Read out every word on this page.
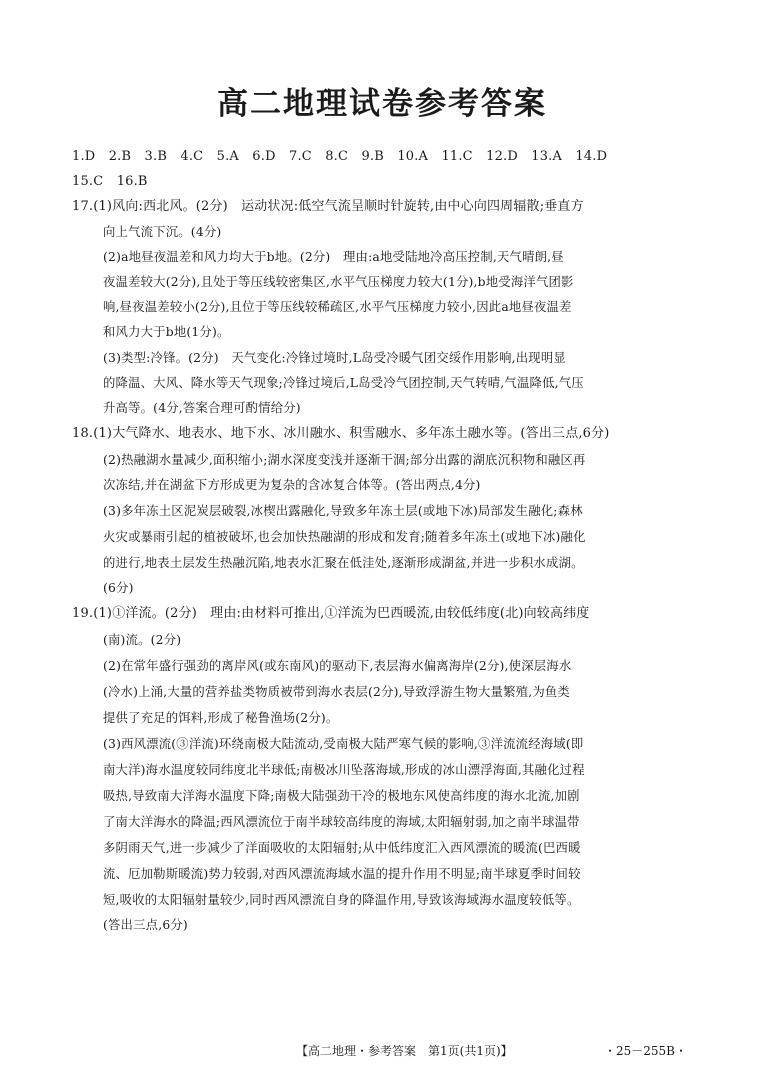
高二地理试卷参考答案
1.D 2.B 3.B 4.C 5.A 6.D 7.C 8.C 9.B 10.A 11.C 12.D 13.A 14.D
15.C 16.B
17.(1)风向:西北风。(2分)　运动状况:低空气流呈顺时针旋转,由中心向四周辐散;垂直方
向上气流下沉。(4分)
(2)a地昼夜温差和风力均大于b地。(2分)　理由:a地受陆地冷高压控制,天气晴朗,昼
夜温差较大(2分),且处于等压线较密集区,水平气压梯度力较大(1分),b地受海洋气团影
响,昼夜温差较小(2分),且位于等压线较稀疏区,水平气压梯度力较小,因此a地昼夜温差
和风力大于b地(1分)。
(3)类型:冷锋。(2分)　天气变化:冷锋过境时,L岛受冷暖气团交绥作用影响,出现明显
的降温、大风、降水等天气现象;冷锋过境后,L岛受冷气团控制,天气转晴,气温降低,气压
升高等。(4分,答案合理可酌情给分)
18.(1)大气降水、地表水、地下水、冰川融水、积雪融水、多年冻土融水等。(答出三点,6分)
(2)热融湖水量减少,面积缩小;湖水深度变浅并逐渐干涸;部分出露的湖底沉积物和融区再
次冻结,并在湖盆下方形成更为复杂的含冰复合体等。(答出两点,4分)
(3)多年冻土区泥炭层破裂,冰楔出露融化,导致多年冻土层(或地下冰)局部发生融化;森林
火灾或暴雨引起的植被破坏,也会加快热融湖的形成和发育;随着多年冻土(或地下冰)融化
的进行,地表土层发生热融沉陷,地表水汇聚在低洼处,逐渐形成湖盆,并进一步积水成湖。
(6分)
19.(1)①洋流。(2分)　理由:由材料可推出,①洋流为巴西暖流,由较低纬度(北)向较高纬度
(南)流。(2分)
(2)在常年盛行强劲的离岸风(或东南风)的驱动下,表层海水偏离海岸(2分),使深层海水
(冷水)上涌,大量的营养盐类物质被带到海水表层(2分),导致浮游生物大量繁殖,为鱼类
提供了充足的饵料,形成了秘鲁渔场(2分)。
(3)西风漂流(③洋流)环绕南极大陆流动,受南极大陆严寒气候的影响,③洋流流经海域(即
南大洋)海水温度较同纬度北半球低;南极冰川坠落海域,形成的冰山漂浮海面,其融化过程
吸热,导致南大洋海水温度下降;南极大陆强劲干冷的极地东风使高纬度的海水北流,加剧
了南大洋海水的降温;西风漂流位于南半球较高纬度的海域,太阳辐射弱,加之南半球温带
多阴雨天气,进一步减少了洋面吸收的太阳辐射;从中低纬度汇入西风漂流的暖流(巴西暖
流、厄加勒斯暖流)势力较弱,对西风漂流海域水温的提升作用不明显;南半球夏季时间较
短,吸收的太阳辐射量较少,同时西风漂流自身的降温作用,导致该海域海水温度较低等。
(答出三点,6分)
【高二地理・参考答案　第1页(共1页)】	・25－255B・
